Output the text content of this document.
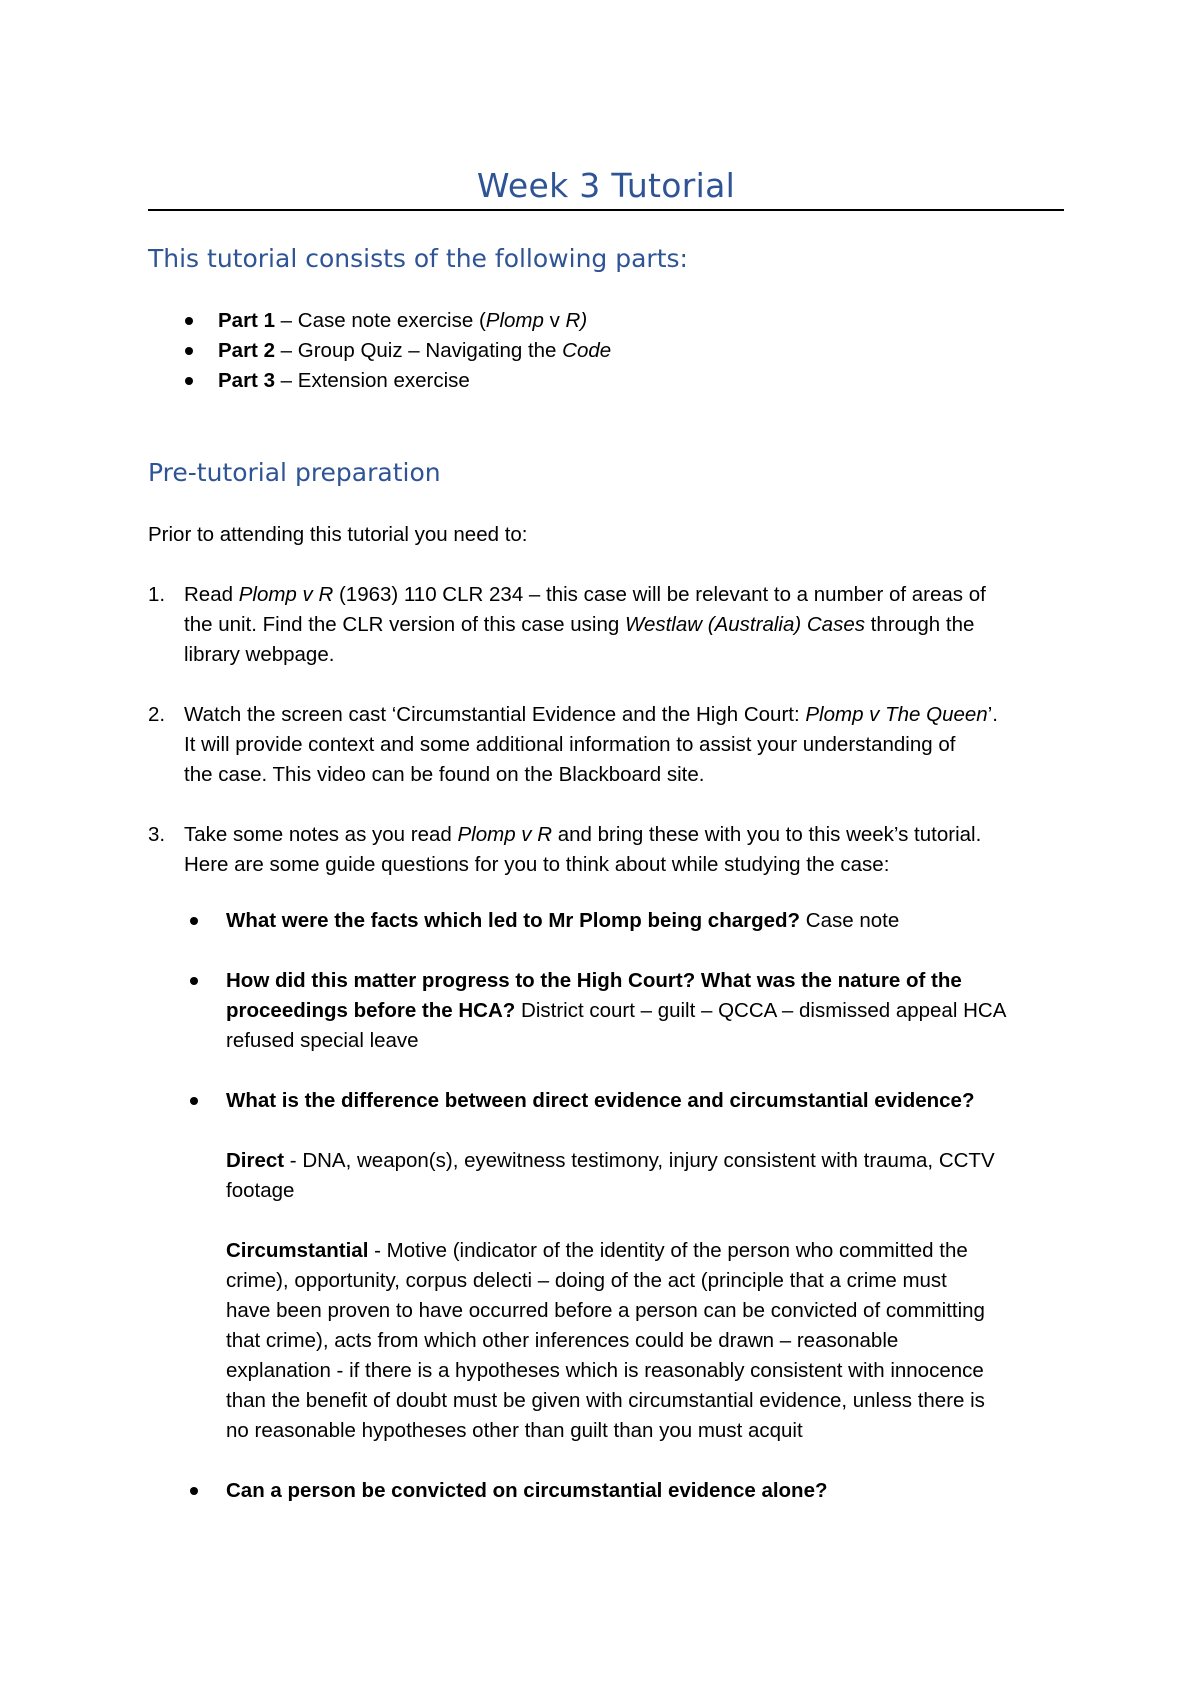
Week 3 Tutorial
This tutorial consists of the following parts:
Part 1 – Case note exercise (Plomp v R)
Part 2 – Group Quiz – Navigating the Code
Part 3 – Extension exercise
Pre-tutorial preparation
Prior to attending this tutorial you need to:
1. Read Plomp v R (1963) 110 CLR 234 – this case will be relevant to a number of areas of
the unit. Find the CLR version of this case using Westlaw (Australia) Cases through the
library webpage.
2. Watch the screen cast ‘Circumstantial Evidence and the High Court: Plomp v The Queen’.
It will provide context and some additional information to assist your understanding of
the case. This video can be found on the Blackboard site.
3. Take some notes as you read Plomp v R and bring these with you to this week’s tutorial.
Here are some guide questions for you to think about while studying the case:
What were the facts which led to Mr Plomp being charged? Case note
How did this matter progress to the High Court? What was the nature of the
proceedings before the HCA? District court – guilt – QCCA – dismissed appeal HCA
refused special leave
What is the difference between direct evidence and circumstantial evidence?
Direct - DNA, weapon(s), eyewitness testimony, injury consistent with trauma, CCTV
footage
Circumstantial - Motive (indicator of the identity of the person who committed the
crime), opportunity, corpus delecti – doing of the act (principle that a crime must
have been proven to have occurred before a person can be convicted of committing
that crime), acts from which other inferences could be drawn – reasonable
explanation - if there is a hypotheses which is reasonably consistent with innocence
than the benefit of doubt must be given with circumstantial evidence, unless there is
no reasonable hypotheses other than guilt than you must acquit
Can a person be convicted on circumstantial evidence alone?
